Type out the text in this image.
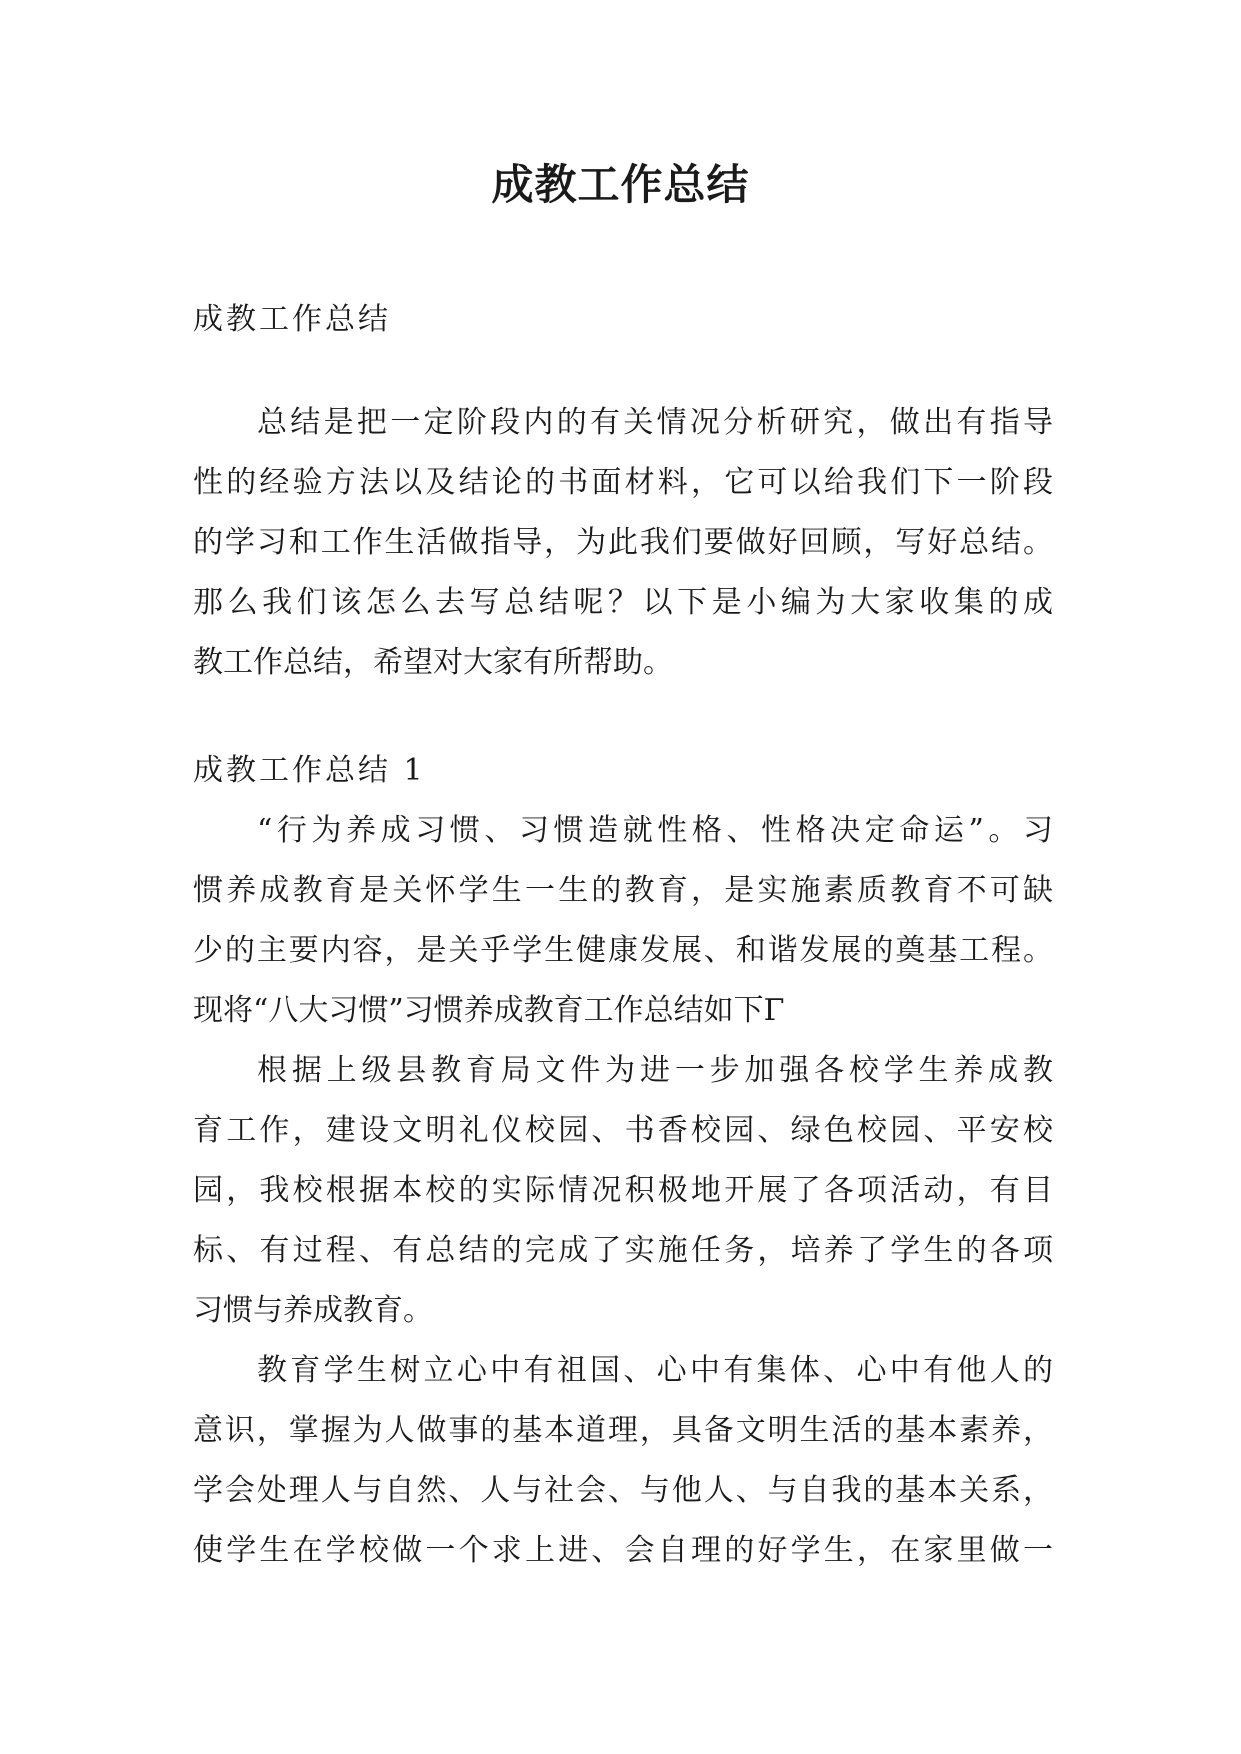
成教工作总结
成教工作总结
总结是把一定阶段内的有关情况分析研究，做出有指导
性的经验方法以及结论的书面材料，它可以给我们下一阶段
的学习和工作生活做指导，为此我们要做好回顾，写好总结。
那么我们该怎么去写总结呢？以下是小编为大家收集的成
教工作总结，希望对大家有所帮助。
成教工作总结 1
“行为养成习惯、习惯造就性格、性格决定命运”。习
惯养成教育是关怀学生一生的教育，是实施素质教育不可缺
少的主要内容，是关乎学生健康发展、和谐发展的奠基工程。
现将“八大习惯”习惯养成教育工作总结如下Γ
根据上级县教育局文件为进一步加强各校学生养成教
育工作，建设文明礼仪校园、书香校园、绿色校园、平安校
园，我校根据本校的实际情况积极地开展了各项活动，有目
标、有过程、有总结的完成了实施任务，培养了学生的各项
习惯与养成教育。
教育学生树立心中有祖国、心中有集体、心中有他人的
意识，掌握为人做事的基本道理，具备文明生活的基本素养，
学会处理人与自然、人与社会、与他人、与自我的基本关系，
使学生在学校做一个求上进、会自理的好学生，在家里做一
